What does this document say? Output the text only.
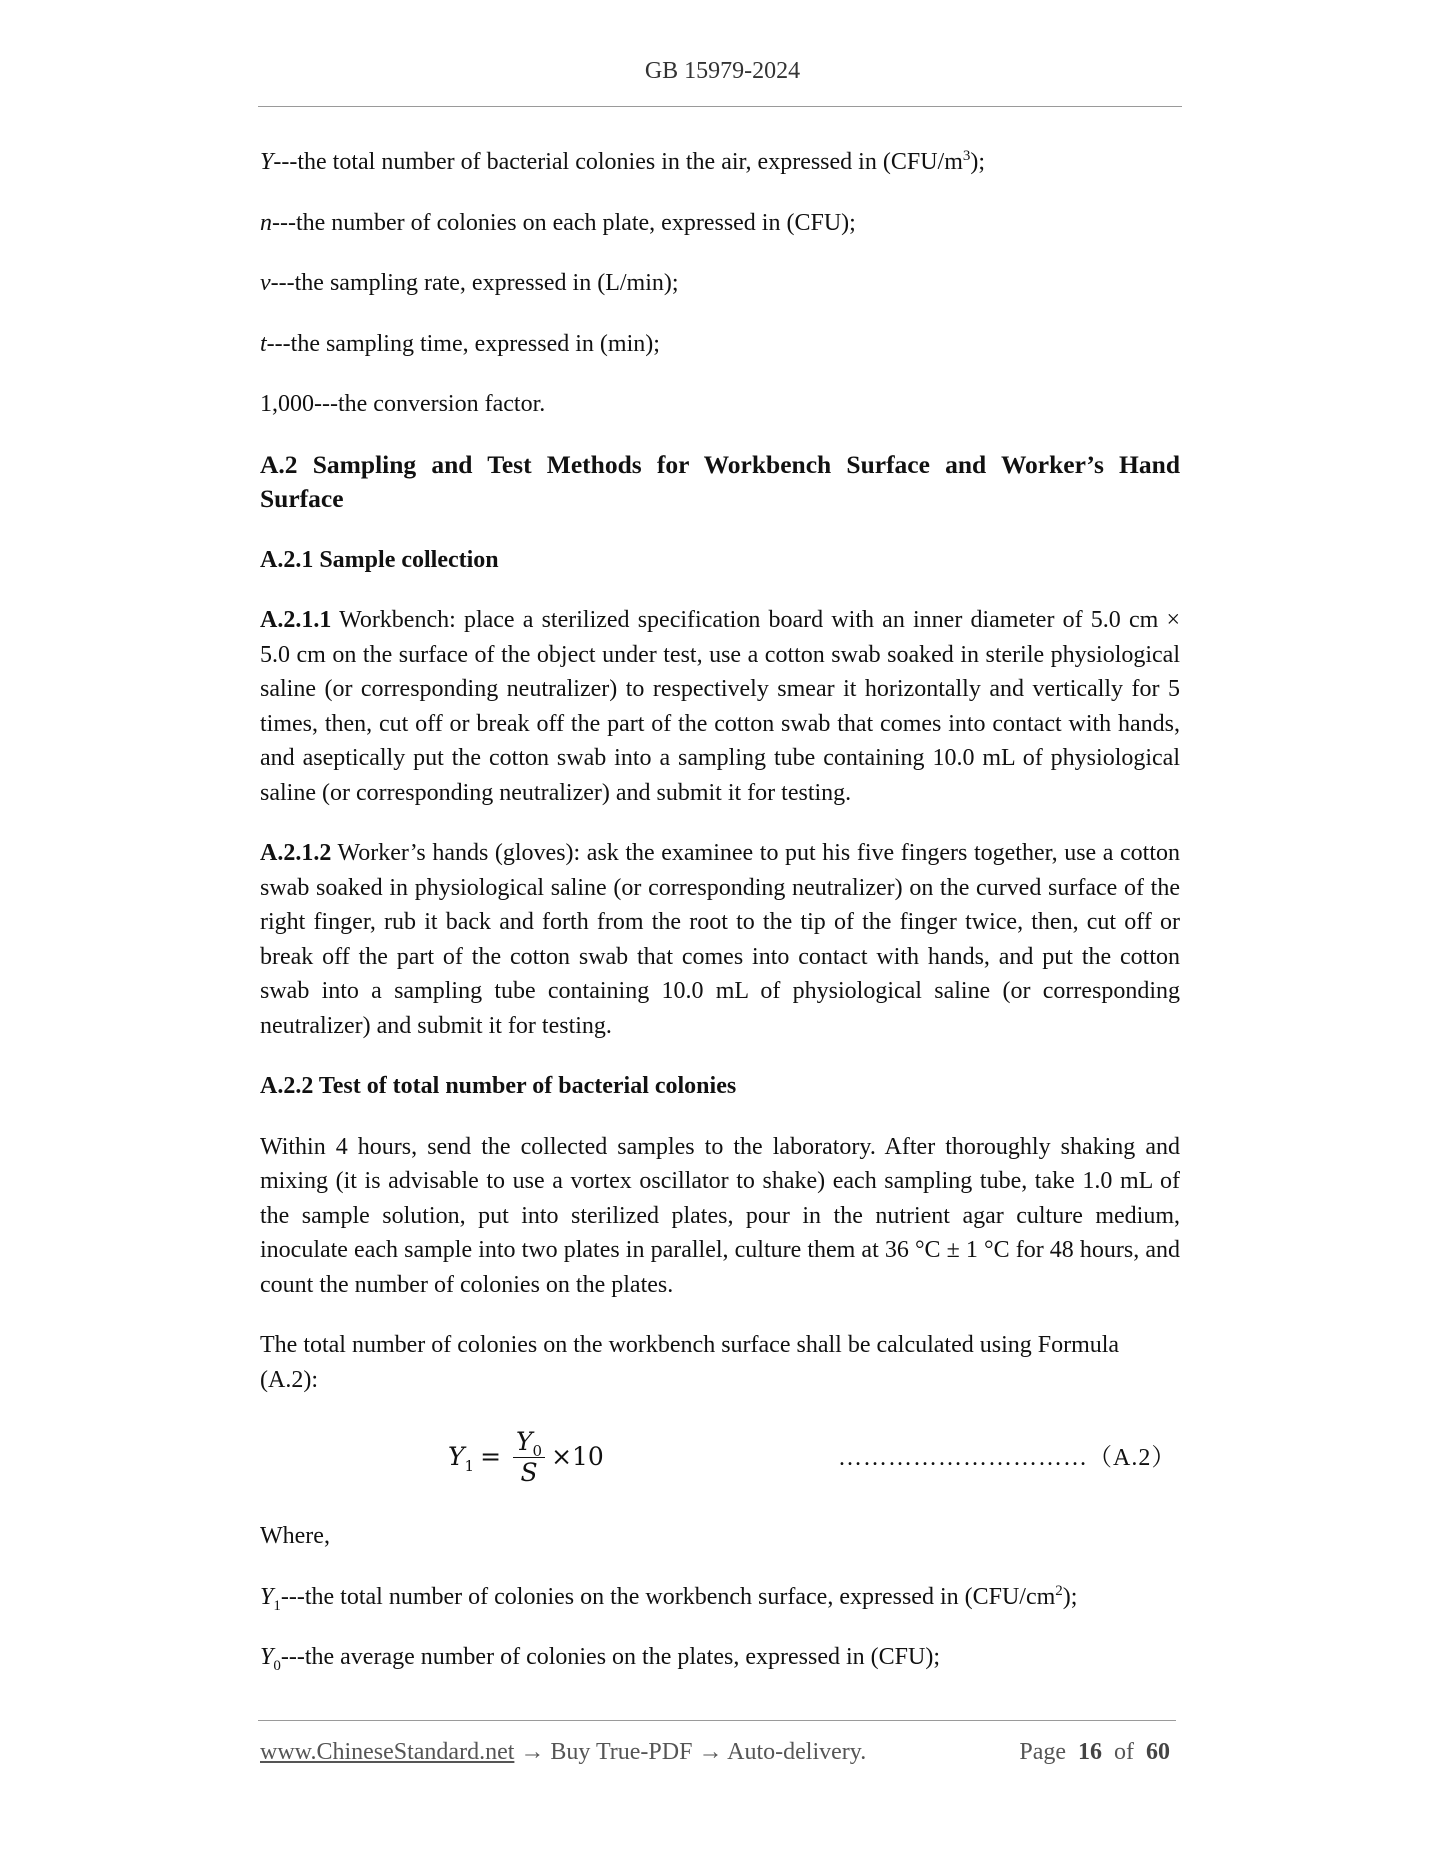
GB 15979-2024

Y---the total number of bacterial colonies in the air, expressed in $(CFU/m^3)$;

n---the number of colonies on each plate, expressed in (CFU);

v---the sampling rate, expressed in (L/min);

t---the sampling time, expressed in (min);

1,000---the conversion factor.

A.2 Sampling and Test Methods for Workbench Surface and Worker’s Hand Surface

A.2.1 Sample collection

A.2.1.1 Workbench: place a sterilized specification board with an inner diameter of 5.0 cm × 5.0 cm on the surface of the object under test, use a cotton swab soaked in sterile physiological saline (or corresponding neutralizer) to respectively smear it horizontally and vertically for 5 times, then, cut off or break off the part of the cotton swab that comes into contact with hands, and aseptically put the cotton swab into a sampling tube containing 10.0 mL of physiological saline (or corresponding neutralizer) and submit it for testing.

A.2.1.2 Worker’s hands (gloves): ask the examinee to put his five fingers together, use a cotton swab soaked in physiological saline (or corresponding neutralizer) on the curved surface of the right finger, rub it back and forth from the root to the tip of the finger twice, then, cut off or break off the part of the cotton swab that comes into contact with hands, and put the cotton swab into a sampling tube containing 10.0 mL of physiological saline (or corresponding neutralizer) and submit it for testing.

A.2.2 Test of total number of bacterial colonies

Within 4 hours, send the collected samples to the laboratory. After thoroughly shaking and mixing (it is advisable to use a vortex oscillator to shake) each sampling tube, take 1.0 mL of the sample solution, put into sterilized plates, pour in the nutrient agar culture medium, inoculate each sample into two plates in parallel, culture them at 36 °C ± 1 °C for 48 hours, and count the number of colonies on the plates.

The total number of colonies on the workbench surface shall be calculated using Formula (A.2):

$Y_1 = \frac{Y_0}{S} \times 10$	…………………………（A.2）

Where,

$Y_1--$-the total number of colonies on the workbench surface, expressed in $(CFU/cm^2)$;

$Y_0--$-the average number of colonies on the plates, expressed in (CFU);

www.ChineseStandard.net → Buy True-PDF → Auto-delivery.	Page 16 of 60
